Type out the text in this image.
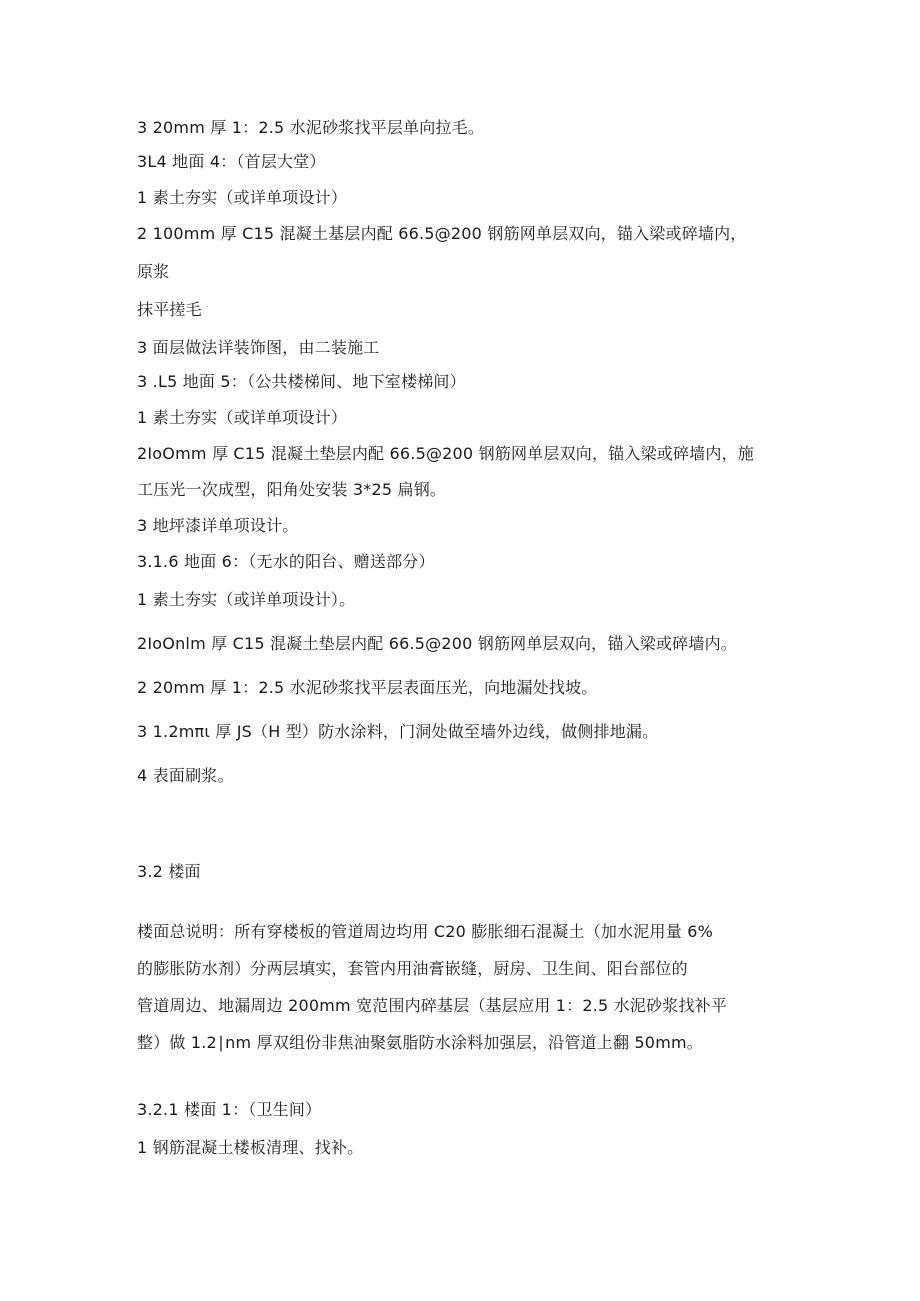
3 20mm 厚 1：2.5 水泥砂浆找平层单向拉毛。
3L4 地面 4：（首层大堂）
1 素土夯实（或详单项设计）
2 100mm 厚 C15 混凝土基层内配 66.5@200 钢筋网单层双向，锚入梁或碎墙内，
原浆
抹平搓毛
3 面层做法详装饰图，由二装施工
3 .L5 地面 5：（公共楼梯间、地下室楼梯间）
1 素土夯实（或详单项设计）
2IoOmm 厚 C15 混凝土垫层内配 66.5@200 钢筋网单层双向，锚入梁或碎墙内，施
工压光一次成型，阳角处安装 3*25 扁钢。
3 地坪漆详单项设计。
3.1.6 地面 6：（无水的阳台、赠送部分）
1 素土夯实（或详单项设计）。
2IoOnlm 厚 C15 混凝土垫层内配 66.5@200 钢筋网单层双向，锚入梁或碎墙内。
2 20mm 厚 1：2.5 水泥砂浆找平层表面压光，向地漏处找坡。
3 1.2mπι 厚 JS（H 型）防水涂料，门洞处做至墙外边线，做侧排地漏。
4 表面刷浆。
3.2 楼面
楼面总说明：所有穿楼板的管道周边均用 C20 膨胀细石混凝土（加水泥用量 6%
的膨胀防水剂）分两层填实，套管内用油膏嵌缝，厨房、卫生间、阳台部位的
管道周边、地漏周边 200mm 宽范围内碎基层（基层应用 1：2.5 水泥砂浆找补平
整）做 1.2∣nm 厚双组份非焦油聚氨脂防水涂料加强层，沿管道上翻 50mm。
3.2.1 楼面 1：（卫生间）
1 钢筋混凝土楼板清理、找补。
